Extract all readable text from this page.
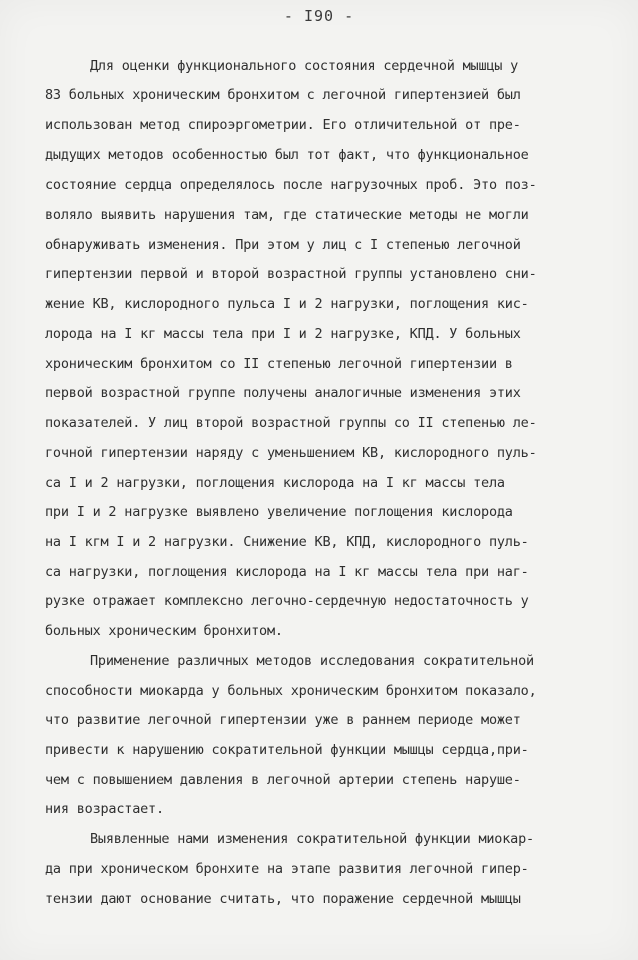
- I90 -
Для оценки функционального состояния сердечной мышцы у
83 больных хроническим бронхитом с легочной гипертензией был
использован метод спироэргометрии. Его отличительной от пре-
дыдущих методов особенностью был тот факт, что функциональное
состояние сердца определялось после нагрузочных проб. Это поз-
воляло выявить нарушения там, где статические методы не могли
обнаруживать изменения. При этом у лиц с I степенью легочной
гипертензии первой и второй возрастной группы установлено сни-
жение КВ, кислородного пульса I и 2 нагрузки, поглощения кис-
лорода на I кг массы тела при I и 2 нагрузке, КПД. У больных
хроническим бронхитом со II степенью легочной гипертензии в
первой возрастной группе получены аналогичные изменения этих
показателей. У лиц второй возрастной группы со II степенью ле-
гочной гипертензии наряду с уменьшением КВ, кислородного пуль-
са I и 2 нагрузки, поглощения кислорода на I кг массы тела
при I и 2 нагрузке выявлено увеличение поглощения кислорода
на I кгм I и 2 нагрузки. Снижение КВ, КПД, кислородного пуль-
са нагрузки, поглощения кислорода на I кг массы тела при наг-
рузке отражает комплексно легочно-сердечную недостаточность у
больных хроническим бронхитом.
Применение различных методов исследования сократительной
способности миокарда у больных хроническим бронхитом показало,
что развитие легочной гипертензии уже в раннем периоде может
привести к нарушению сократительной функции мышцы сердца,при-
чем с повышением давления в легочной артерии степень наруше-
ния возрастает.
Выявленные нами изменения сократительной функции миокар-
да при хроническом бронхите на этапе развития легочной гипер-
тензии дают основание считать, что поражение сердечной мышцы
